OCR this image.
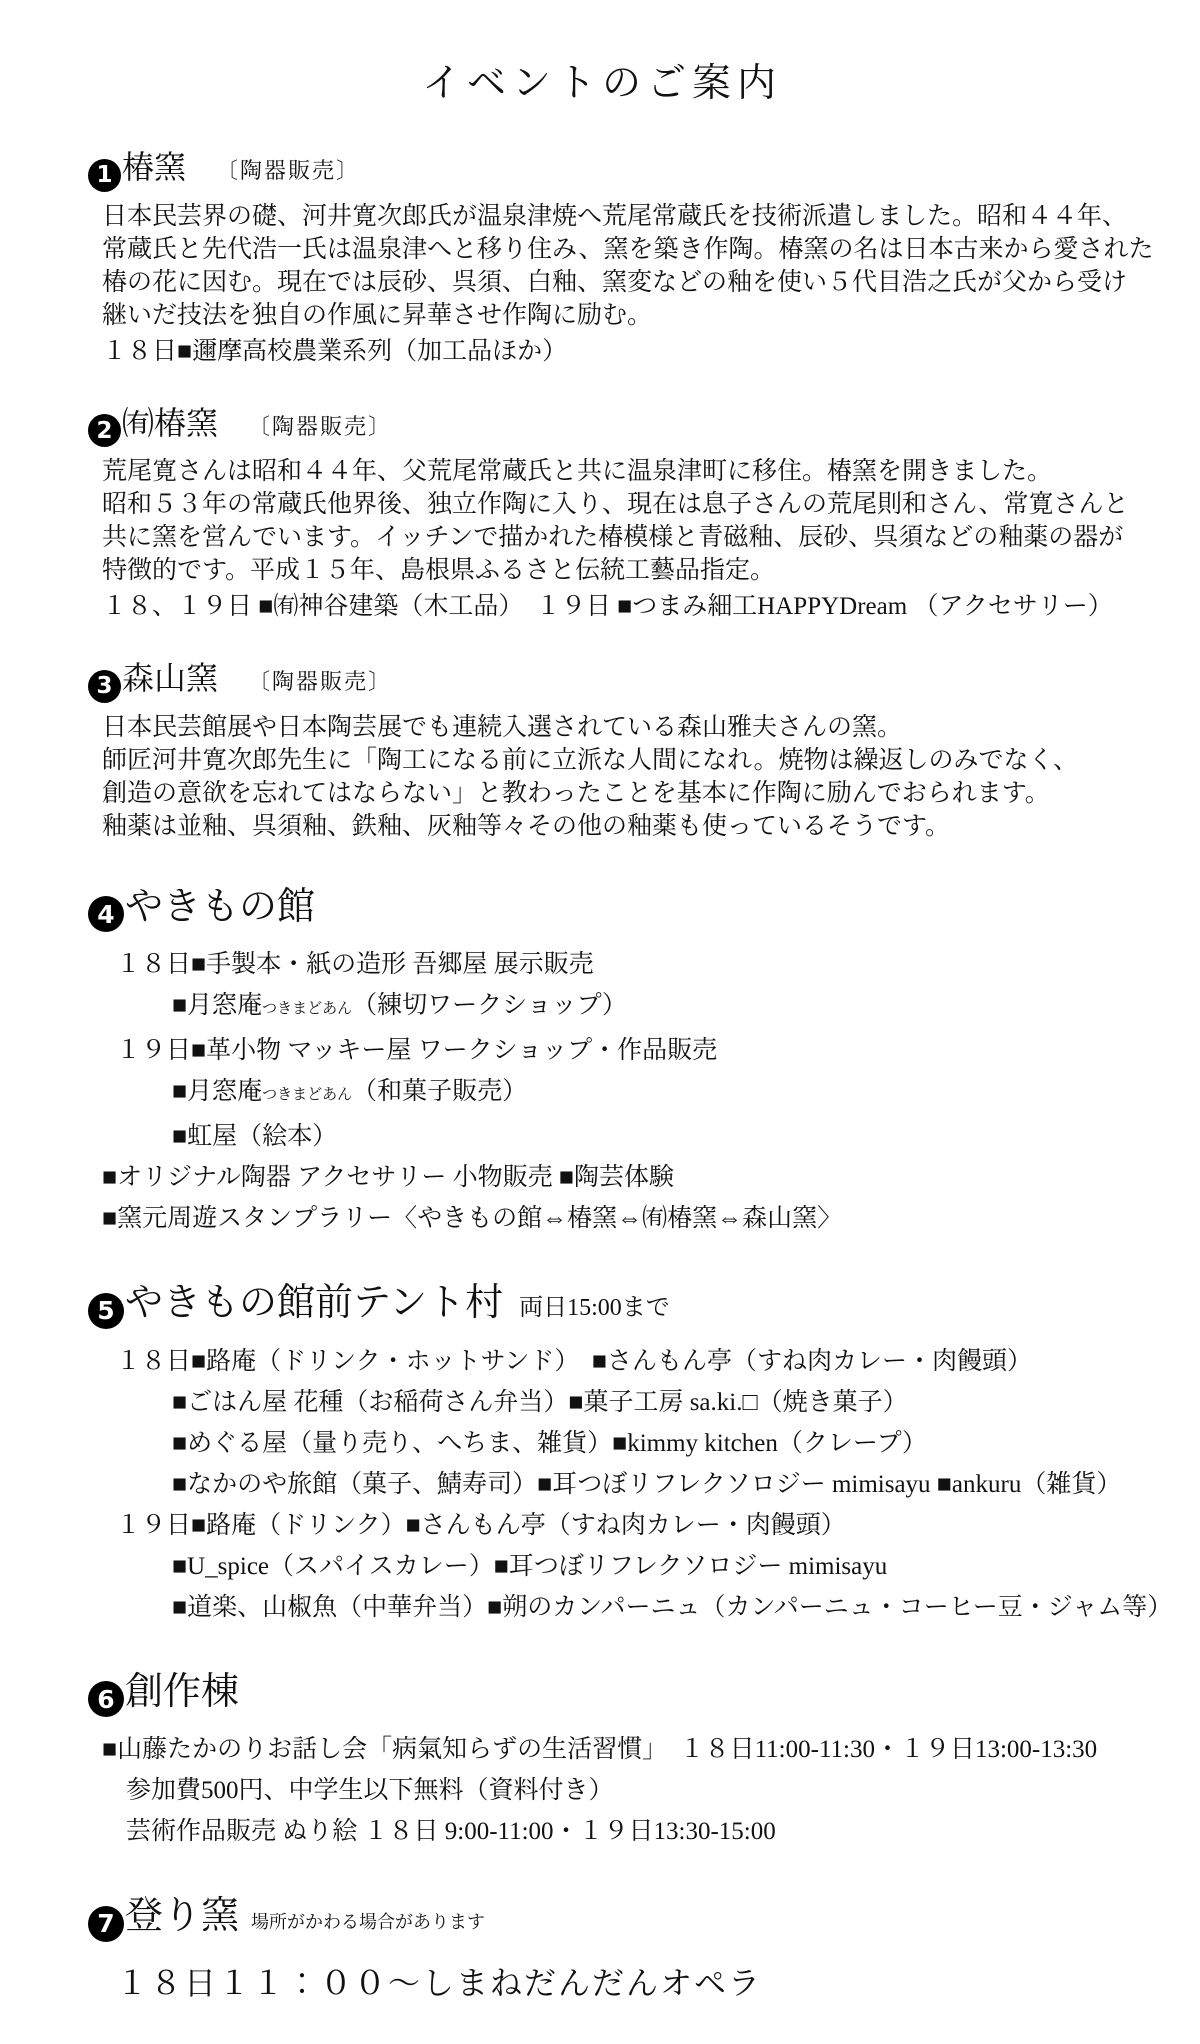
イベントのご案内
1 椿窯 〔陶器販売〕
日本民芸界の礎、河井寛次郎氏が温泉津焼へ荒尾常蔵氏を技術派遣しました。昭和４４年、
常蔵氏と先代浩一氏は温泉津へと移り住み、窯を築き作陶。椿窯の名は日本古来から愛された
椿の花に因む。現在では辰砂、呉須、白釉、窯変などの釉を使い５代目浩之氏が父から受け
継いだ技法を独自の作風に昇華させ作陶に励む。
１８日■邇摩高校農業系列（加工品ほか）
2 ㈲椿窯 〔陶器販売〕
荒尾寛さんは昭和４４年、父荒尾常蔵氏と共に温泉津町に移住。椿窯を開きました。
昭和５３年の常蔵氏他界後、独立作陶に入り、現在は息子さんの荒尾則和さん、常寛さんと
共に窯を営んでいます。イッチンで描かれた椿模様と青磁釉、辰砂、呉須などの釉薬の器が
特徴的です。平成１５年、島根県ふるさと伝統工藝品指定。
１８、１９日 ■㈲神谷建築（木工品）　１９日 ■つまみ細工HAPPYDream （アクセサリー）
3 森山窯 〔陶器販売〕
日本民芸館展や日本陶芸展でも連続入選されている森山雅夫さんの窯。
師匠河井寛次郎先生に「陶工になる前に立派な人間になれ。焼物は繰返しのみでなく、
創造の意欲を忘れてはならない」と教わったことを基本に作陶に励んでおられます。
釉薬は並釉、呉須釉、鉄釉、灰釉等々その他の釉薬も使っているそうです。
4 やきもの館
１８日■手製本・紙の造形 吾郷屋 展示販売
■月窓庵つきまどあん（練切ワークショップ）
１９日■革小物 マッキー屋 ワークショップ・作品販売
■月窓庵つきまどあん（和菓子販売）
■虹屋（絵本）
■オリジナル陶器 アクセサリー 小物販売 ■陶芸体験
■窯元周遊スタンプラリー〈やきもの館⇔椿窯⇔㈲椿窯⇔森山窯〉
5 やきもの館前テント村 両日15:00まで
１８日■路庵（ドリンク・ホットサンド）　■さんもん亭（すね肉カレー・肉饅頭）
■ごはん屋 花種（お稲荷さん弁当）■菓子工房 sa.ki.□（焼き菓子）
■めぐる屋（量り売り、へちま、雑貨）■kimmy kitchen（クレープ）
■なかのや旅館（菓子、鯖寿司）■耳つぼリフレクソロジー mimisayu ■ankuru（雑貨）
１９日■路庵（ドリンク）■さんもん亭（すね肉カレー・肉饅頭）
■U_spice（スパイスカレー）■耳つぼリフレクソロジー mimisayu
■道楽、山椒魚（中華弁当）■朔のカンパーニュ（カンパーニュ・コーヒー豆・ジャム等）
6 創作棟
■山藤たかのりお話し会「病氣知らずの生活習慣」　１８日11:00-11:30・１９日13:00-13:30
参加費500円、中学生以下無料（資料付き）
芸術作品販売 ぬり絵 １８日 9:00-11:00・１９日13:30-15:00
7 登り窯 場所がかわる場合があります
１８日１１：００～しまねだんだんオペラ
